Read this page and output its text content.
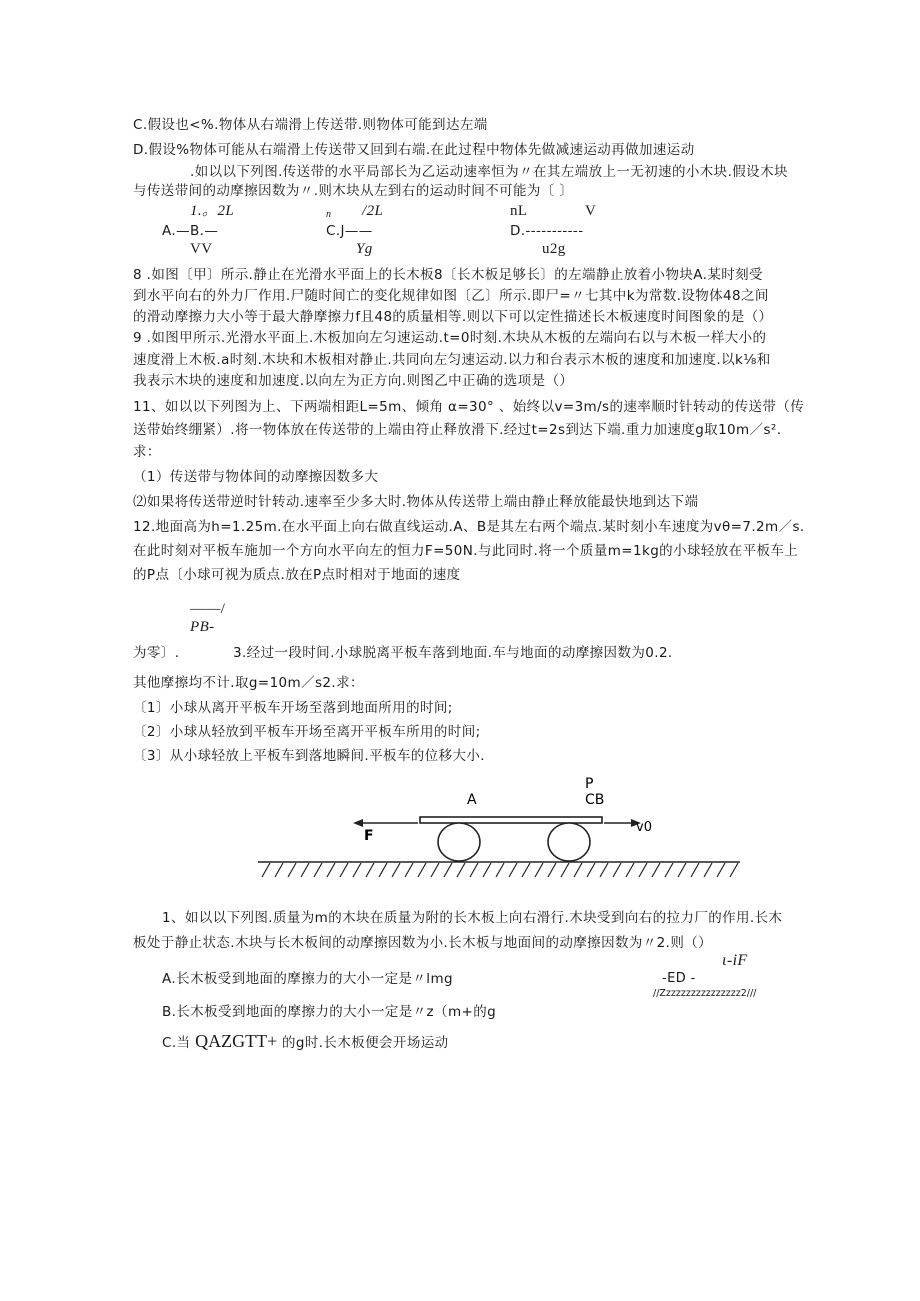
C.假设也<%.物体从右端滑上传送带.则物体可能到达左端
D.假设%物体可能从右端滑上传送带又回到右端.在此过程中物体先做减速运动再做加速运动
.如以以下列图.传送带的水平局部长为乙运动速率恒为〃在其左端放上一无初速的小木块.假设木块
与传送带间的动摩擦因数为〃.则木块从左到右的运动时间不可能为〔 〕
1.。2L	n /2L	nL	V
A.—B.—	C.J——	D.-----------
VV	Yg	u2g
8 .如图〔甲〕所示.静止在光滑水平面上的长木板8〔长木板足够长〕的左端静止放着小物块A.某时刻受
到水平向右的外力厂作用.尸随时间亡的变化规律如图〔乙〕所示.即尸=〃七其中k为常数.设物体48之间
的滑动摩擦力大小等于最大静摩擦力f且48的质量相等.则以下可以定性描述长木板速度时间图象的是（）
9 .如图甲所示.光滑水平面上.木板加向左匀速运动.t=0时刻.木块从木板的左端向右以与木板一样大小的
速度滑上木板.a时刻.木块和木板相对静止.共同向左匀速运动.以力和台表示木板的速度和加速度.以k⅛和
我表示木块的速度和加速度.以向左为正方向.则图乙中正确的选项是（）
11、如以以下列图为上、下两端相距L=5m、倾角 α=30° 、始终以v=3m/s的速率顺时针转动的传送带（传
送带始终绷紧）.将一物体放在传送带的上端由符止释放滑下.经过t=2s到达下端.重力加速度g取10m／s².
求：
（1）传送带与物体间的动摩擦因数多大
⑵如果将传送带逆时针转动.速率至少多大时.物体从传送带上端由静止释放能最快地到达下端
12.地面高为h=1.25m.在水平面上向右做直线运动.A、B是其左右两个端点.某时刻小车速度为vθ=7.2m／s.
在此时刻对平板车施加一个方向水平向左的恒力F=50N.与此同时.将一个质量m=1kg的小球轻放在平板车上
的P点〔小球可视为质点.放在P点时相对于地面的速度
——/
PB-
为零〕.	3.经过一段时间.小球脱离平板车落到地面.车与地面的动摩擦因数为0.2.
其他摩擦均不计.取g=10m／s2.求：
〔1〕小球从离开平板车开场至落到地面所用的时间;
〔2〕小球从轻放到平板车开场至离开平板车所用的时间;
〔3〕从小球轻放上平板车到落地瞬间.平板车的位移大小.
P
A	CB
F
v0
1、如以以下列图.质量为m的木块在质量为附的长木板上向右滑行.木块受到向右的拉力厂的作用.长木
板处于静止状态.木块与长木板间的动摩擦因数为小.长木板与地面间的动摩擦因数为〃2.则（）
A.长木板受到地面的摩擦力的大小一定是〃lmg
B.长木板受到地面的摩擦力的大小一定是〃z（m+的g
C.当 QAZGTT+ 的g时.长木板便会开场运动
ι-iF
-ED -
//Zzzzzzzzzzzzzzzz2///
